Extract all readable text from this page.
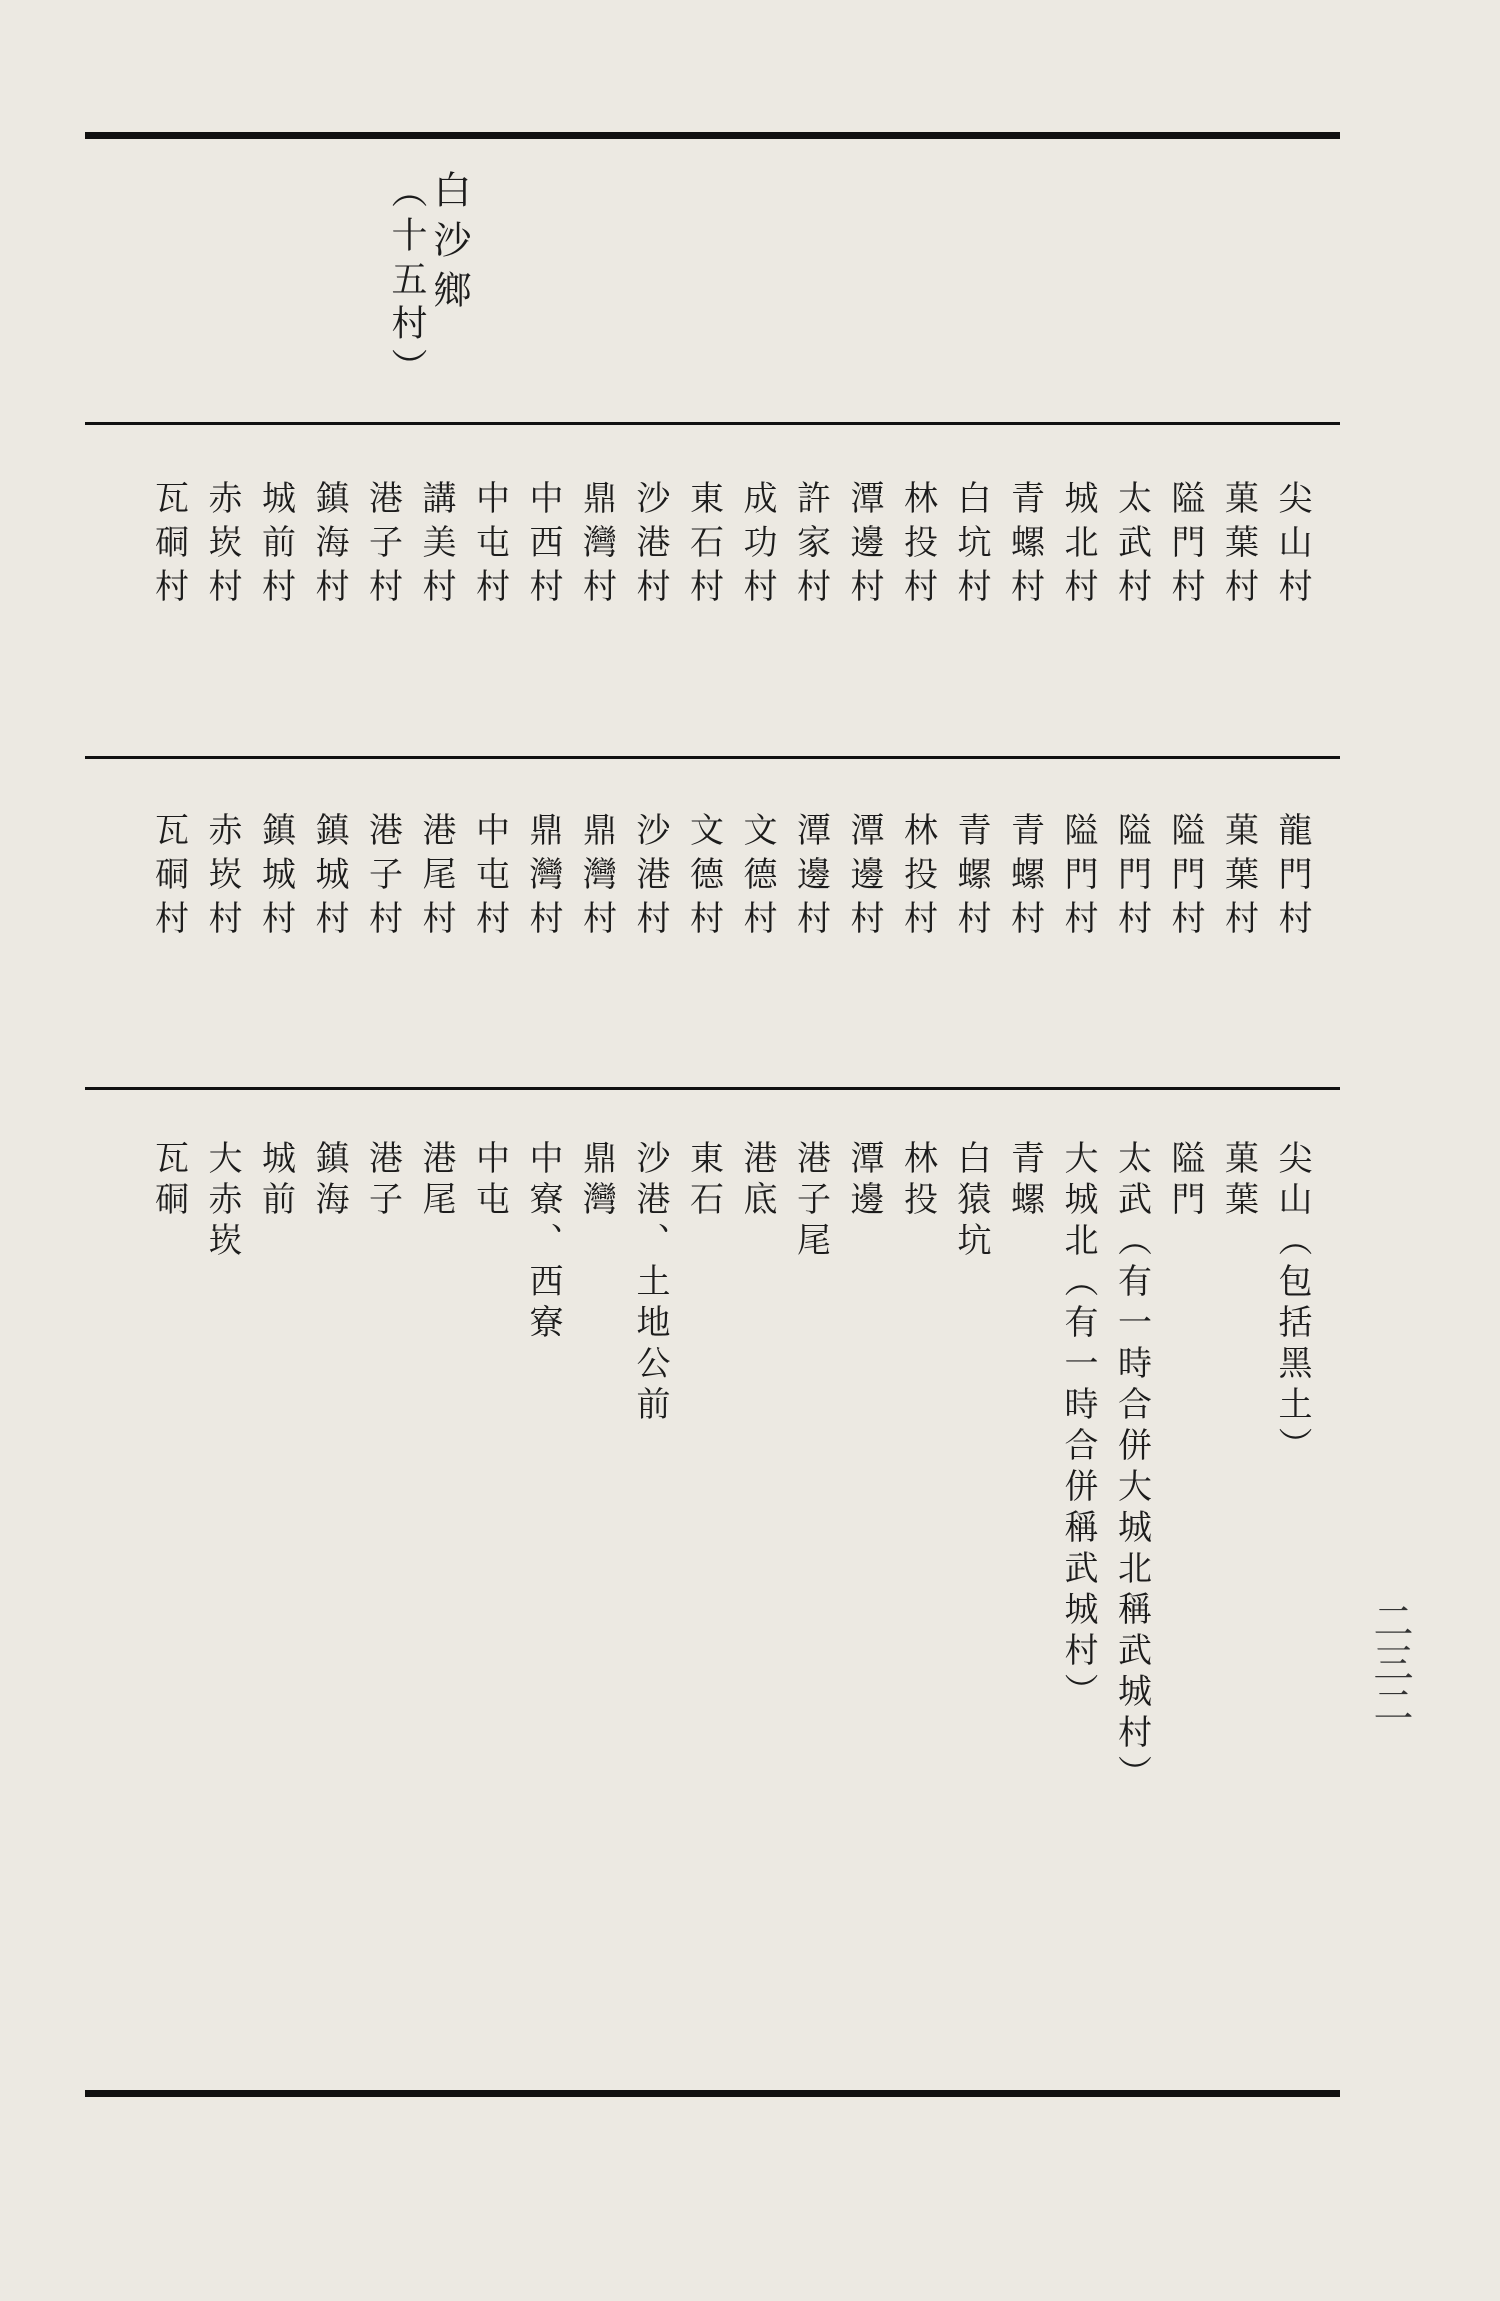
白沙鄉
（十五村）
尖山村
菓葉村
隘門村
太武村
城北村
青螺村
白坑村
林投村
潭邊村
許家村
成功村
東石村
沙港村
鼎灣村
中西村
中屯村
講美村
港子村
鎮海村
城前村
赤崁村
瓦硐村
龍門村
菓葉村
隘門村
隘門村
隘門村
青螺村
青螺村
林投村
潭邊村
潭邊村
文德村
文德村
沙港村
鼎灣村
鼎灣村
中屯村
港尾村
港子村
鎮城村
鎮城村
赤崁村
瓦硐村
尖山（包括黑土）
菓葉
隘門
太武（有一時合併大城北稱武城村）
大城北（有一時合併稱武城村）
青螺
白猿坑
林投
潭邊
港子尾
港底
東石
沙港、土地公前
鼎灣
中寮、西寮
中屯
港尾
港子
鎮海
城前
大赤崁
瓦硐
二三二
